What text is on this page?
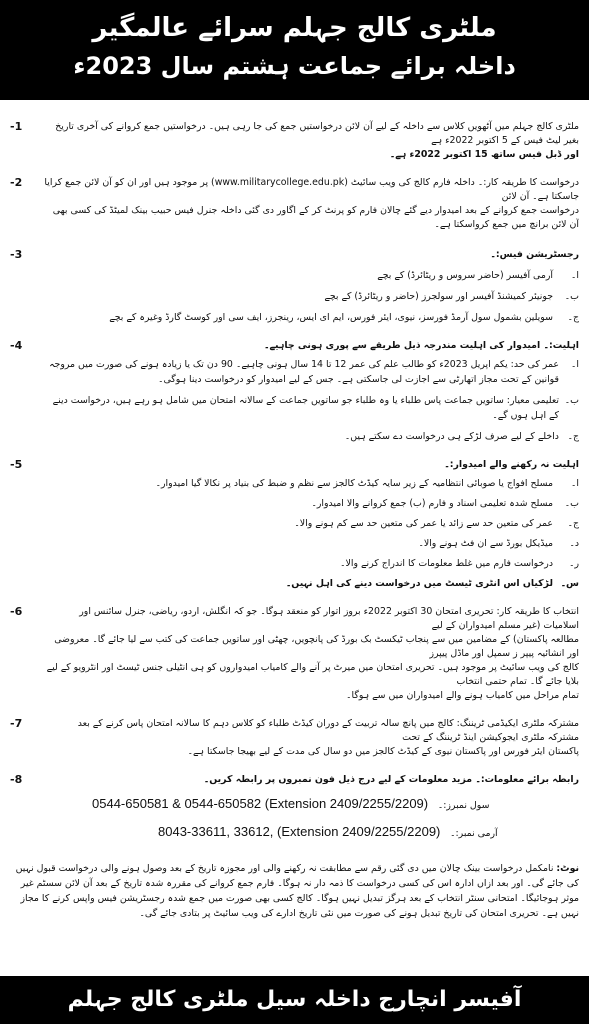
ملٹری کالج جہلم سرائے عالمگیر
داخلہ برائے جماعت ہشتم سال 2023ء
-1	ملٹری کالج جہلم میں آٹھویں کلاس سے داخلہ کے لیے آن لائن درخواستیں جمع کی جا رہی ہیں۔ درخواستیں جمع کروانے کی آخری تاریخ بغیر لیٹ فیس کے 5 اکتوبر 2022ء ہے
اور ڈبل فیس ساتھ 15 اکتوبر 2022ء ہے۔
-2	درخواست کا طریقہ کار:۔ داخلہ فارم کالج کی ویب سائیٹ (www.militarycollege.edu.pk) پر موجود ہیں اور ان کو آن لائن جمع کرایا جاسکتا ہے۔ آن لائن
درخواست جمع کروانے کے بعد امیدوار دیے گئے چالان فارم کو پرنٹ کر کے اگاور دی گئی داخلہ جنرل فیس حبیب بینک لمیٹڈ کی کسی بھی آن لائن برانچ میں جمع کرواسکتا ہے۔
-3	رجسٹریشن فیس:۔
ا۔
آرمی آفیسر (حاضر سروس و ریٹائرڈ) کے بچے
ب۔
جونیئر کمیشنڈ آفیسر اور سولجرز (حاضر و ریٹائرڈ) کے بچے
ج۔
سویلین بشمول سول آرمڈ فورسز، نیوی، ایئر فورس، ایم ای ایس، رینجرز، ایف سی اور کوسٹ گارڈ وغیرہ کے بچے
-4	اہلیت:۔ امیدوار کی اہلیت مندرجہ ذیل طریقے سے پوری ہونی چاہیے۔
ا۔
عمر کی حد: یکم اپریل 2023ء کو طالب علم کی عمر 12 تا 14 سال ہونی چاہیے۔ 90 دن تک یا زیادہ ہونے کی صورت میں مروجہ قوانین کے تحت مجاز اتھارٹی سے اجازت لی جاسکتی ہے۔ جس کے لیے امیدوار کو درخواست دینا ہوگی۔
ب۔
تعلیمی معیار: ساتویں جماعت پاس طلباء یا وہ طلباء جو ساتویں جماعت کے سالانہ امتحان میں شامل ہو رہے ہیں، درخواست دینے کے اہل ہوں گے۔
ج۔
داخلے کے لیے صرف لڑکے ہی درخواست دے سکتے ہیں۔
-5	اہلیت نہ رکھنے والے امیدوار:۔
ا۔
مسلح افواج یا صوبائی انتظامیہ کے زیر سایہ کیڈٹ کالجز سے نظم و ضبط کی بنیاد پر نکالا گیا امیدوار۔
ب۔
مسلح شدہ تعلیمی اسناد و فارم (ب) جمع کروانے والا امیدوار۔
ج۔
عمر کی متعین حد سے زائد یا عمر کی متعین حد سے کم ہونے والا۔
د۔
میڈیکل بورڈ سے ان فٹ ہونے والا۔
ر۔
درخواست فارم میں غلط معلومات کا اندراج کرنے والا۔
س۔
لڑکیاں اس انٹری ٹیسٹ میں درخواست دینے کی اہل نہیں۔
-6	انتخاب کا طریقہ کار: تحریری امتحان 30 اکتوبر 2022ء بروز اتوار کو منعقد ہوگا۔ جو کہ انگلش، اردو، ریاضی، جنرل سائنس اور اسلامیات (غیر مسلم امیدواران کے لیے
مطالعہ پاکستان) کے مضامین میں سے پنجاب ٹیکسٹ بک بورڈ کی پانچویں، چھٹی اور ساتویں جماعت کی کتب سے لیا جائے گا۔ معروضی اور انشائیہ پیپر ز سمپل اور ماڈل پیپرز
کالج کی ویب سائیٹ پر موجود ہیں۔ تحریری امتحان میں میرٹ پر آنے والے کامیاب امیدواروں کو ہی انٹیلی جنس ٹیسٹ اور انٹرویو کے لیے بلایا جائے گا۔ تمام حتمی انتخاب
تمام مراحل میں کامیاب ہونے والے امیدواران میں سے ہوگا۔
-7	مشترکہ ملٹری ایکیڈمی ٹریننگ: کالج میں پانچ سالہ تربیت کے دوران کیڈٹ طلباء کو کلاس دہم کا سالانہ امتحان پاس کرنے کے بعد مشترکہ ملٹری ایجوکیشن اینڈ ٹریننگ کے تحت
پاکستان ایئر فورس اور پاکستان نیوی کے کیڈٹ کالجز میں دو سال کی مدت کے لیے بھیجا جاسکتا ہے۔
-8	رابطہ برائے معلومات:۔ مزید معلومات کے لیے درج ذیل فون نمبروں پر رابطہ کریں۔
0544-650581 & 0544-650582 (Extension 2409/2255/2209) سول نمبرز:۔
8043-33611, 33612, (Extension 2409/2255/2209) آرمی نمبر:۔
نوٹ: نامکمل درخواست بینک چالان میں دی گئی رقم سے مطابقت نہ رکھنے والی اور مجوزہ تاریخ کے بعد وصول ہونے والی درخواست قبول نہیں کی جائے گی۔ اور بعد ازاں ادارہ اس کی کسی درخواست کا ذمہ دار نہ ہوگا۔ فارم جمع کروانے کی مقررہ شدہ تاریخ کے بعد آن لائن سسٹم غیر موثر ہوجائیگا۔ امتحانی سنٹر انتخاب کے بعد ہرگز تبدیل نہیں ہوگا۔ کالج کسی بھی صورت میں جمع شدہ رجسٹریشن فیس واپس کرنے کا مجاز نہیں ہے۔ تحریری امتحان کی تاریخ تبدیل ہونے کی صورت میں نئی تاریخ ادارے کی ویب سائیٹ پر بتادی جائے گی۔
آفیسر انچارج داخلہ سیل ملٹری کالج جہلم
